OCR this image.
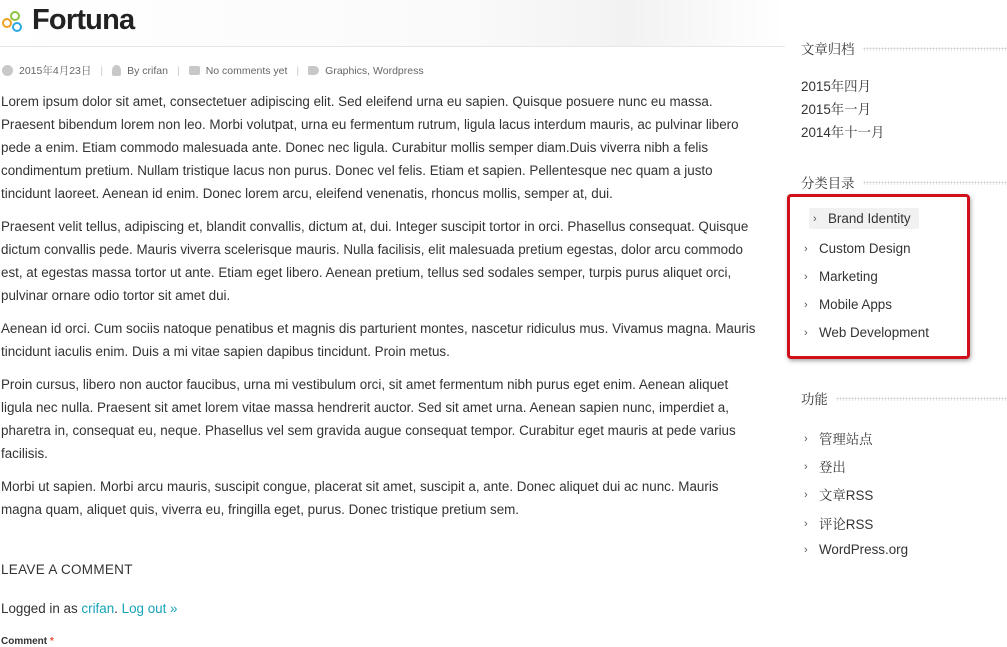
Fortuna
2015年4月23日 | By crifan | No comments yet | Graphics, Wordpress

Lorem ipsum dolor sit amet, consectetuer adipiscing elit. Sed eleifend urna eu sapien. Quisque posuere nunc eu massa. Praesent bibendum lorem non leo. Morbi volutpat, urna eu fermentum rutrum, ligula lacus interdum mauris, ac pulvinar libero pede a enim. Etiam commodo malesuada ante. Donec nec ligula. Curabitur mollis semper diam.Duis viverra nibh a felis condimentum pretium. Nullam tristique lacus non purus. Donec vel felis. Etiam et sapien. Pellentesque nec quam a justo tincidunt laoreet. Aenean id enim. Donec lorem arcu, eleifend venenatis, rhoncus mollis, semper at, dui.

Praesent velit tellus, adipiscing et, blandit convallis, dictum at, dui. Integer suscipit tortor in orci. Phasellus consequat. Quisque dictum convallis pede. Mauris viverra scelerisque mauris. Nulla facilisis, elit malesuada pretium egestas, dolor arcu commodo est, at egestas massa tortor ut ante. Etiam eget libero. Aenean pretium, tellus sed sodales semper, turpis purus aliquet orci, pulvinar ornare odio tortor sit amet dui.

Aenean id orci. Cum sociis natoque penatibus et magnis dis parturient montes, nascetur ridiculus mus. Vivamus magna. Mauris tincidunt iaculis enim. Duis a mi vitae sapien dapibus tincidunt. Proin metus.

Proin cursus, libero non auctor faucibus, urna mi vestibulum orci, sit amet fermentum nibh purus eget enim. Aenean aliquet ligula nec nulla. Praesent sit amet lorem vitae massa hendrerit auctor. Sed sit amet urna. Aenean sapien nunc, imperdiet a, pharetra in, consequat eu, neque. Phasellus vel sem gravida augue consequat tempor. Curabitur eget mauris at pede varius facilisis.

Morbi ut sapien. Morbi arcu mauris, suscipit congue, placerat sit amet, suscipit a, ante. Donec aliquet dui ac nunc. Mauris magna quam, aliquet quis, viverra eu, fringilla eget, purus. Donec tristique pretium sem.

LEAVE A COMMENT
Logged in as crifan. Log out »
Comment *
文章归档
2015年四月
2015年一月
2014年十一月
分类目录
› Brand Identity
› Custom Design
› Marketing
› Mobile Apps
› Web Development
功能
› 管理站点
› 登出
› 文章RSS
› 评论RSS
› WordPress.org
